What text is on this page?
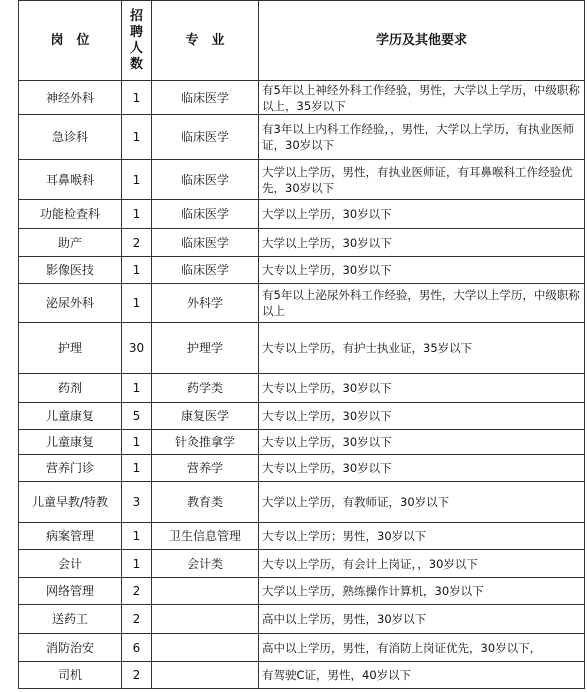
岗　位	招聘人数	专　业	学历及其他要求
神经外科	1	临床医学	有5年以上神经外科工作经验，男性，大学以上学历，中级职称以上，35岁以下
急诊科	1	临床医学	有3年以上内科工作经验，，男性，大学以上学历，有执业医师证，30岁以下
耳鼻喉科	1	临床医学	大学以上学历，男性，有执业医师证，有耳鼻喉科工作经验优先，30岁以下
功能检查科	1	临床医学	大学以上学历，30岁以下
助产	2	临床医学	大学以上学历，30岁以下
影像医技	1	临床医学	大专以上学历，30岁以下
泌尿外科	1	外科学	有5年以上泌尿外科工作经验，男性，大学以上学历，中级职称以上
护理	30	护理学	大专以上学历，有护士执业证，35岁以下
药剂	1	药学类	大专以上学历，30岁以下
儿童康复	5	康复医学	大专以上学历，30岁以下
儿童康复	1	针灸推拿学	大专以上学历，30岁以下
营养门诊	1	营养学	大专以上学历，30岁以下
儿童早教/特教	3	教育类	大学以上学历，有教师证，30岁以下
病案管理	1	卫生信息管理	大专以上学历；男性，30岁以下
会计	1	会计类	大专以上学历，有会计上岗证，，30岁以下
网络管理	2		大学以上学历，熟练操作计算机，30岁以下
送药工	2		高中以上学历，男性，30岁以下
消防治安	6		高中以上学历，男性，有消防上岗证优先，30岁以下，
司机	2		有驾驶C证，男性，40岁以下
